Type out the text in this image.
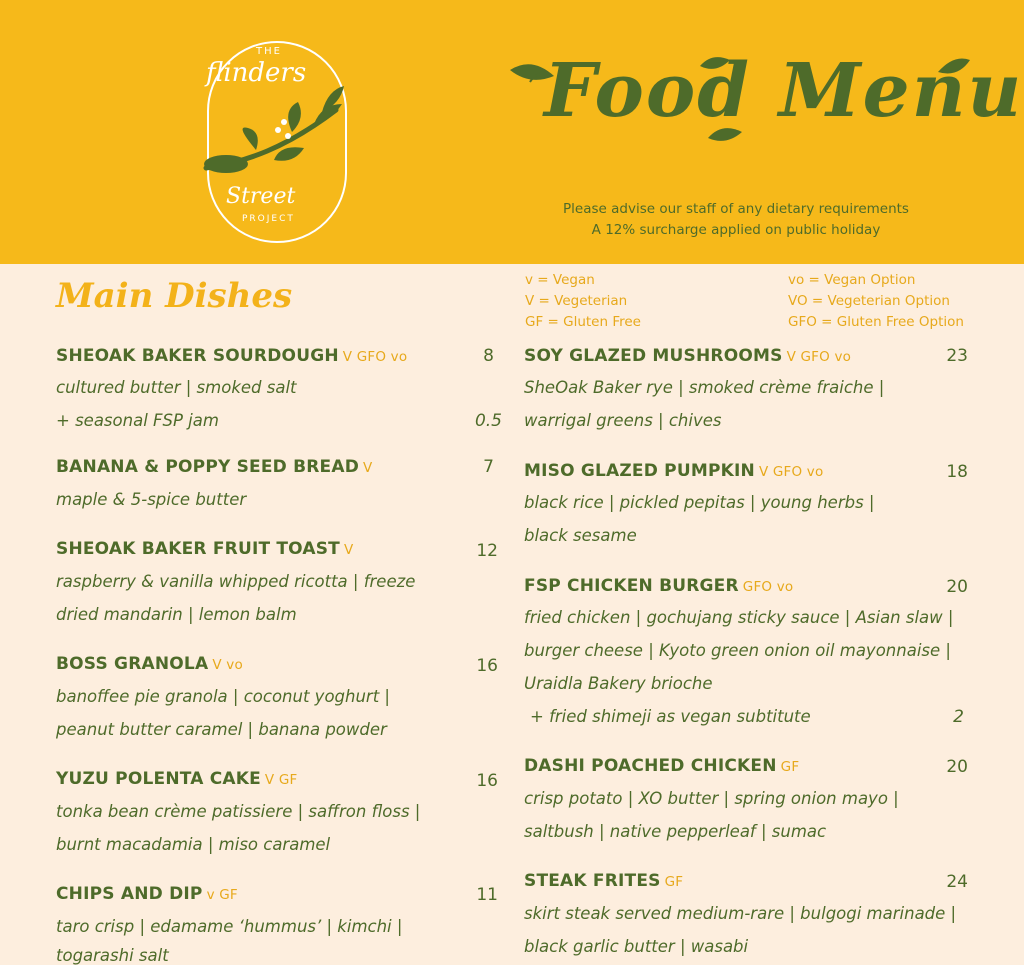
THE
flinders
Street
PROJECT
Food Menu
Please advise our staff of any dietary requirements
A 12% surcharge applied on public holiday
Main Dishes	v = Vegan
V = Vegeterian
GF = Gluten Free
vo = Vegan Option
VO = Vegeterian Option
GFO = Gluten Free Option
SHEOAK BAKER SOURDOUGH V GFO vo	8
cultured butter | smoked salt
+ seasonal FSP jam	0.5
BANANA & POPPY SEED BREAD V	7
maple & 5-spice butter
SHEOAK BAKER FRUIT TOAST V	12
raspberry & vanilla whipped ricotta | freeze
dried mandarin | lemon balm
BOSS GRANOLA V vo	16
banoffee pie granola | coconut yoghurt |
peanut butter caramel | banana powder
YUZU POLENTA CAKE V GF	16
tonka bean crème patissiere | saffron floss |
burnt macadamia | miso caramel
CHIPS AND DIP v GF	11
taro crisp | edamame ‘hummus’ | kimchi |
togarashi salt
SOY GLAZED MUSHROOMS V GFO vo	23
SheOak Baker rye | smoked crème fraiche |
warrigal greens | chives
MISO GLAZED PUMPKIN V GFO vo	18
black rice | pickled pepitas | young herbs |
black sesame
FSP CHICKEN BURGER GFO vo	20
fried chicken | gochujang sticky sauce | Asian slaw |
burger cheese | Kyoto green onion oil mayonnaise |
Uraidla Bakery brioche
+ fried shimeji as vegan subtitute	2
DASHI POACHED CHICKEN GF	20
crisp potato | XO butter | spring onion mayo |
saltbush | native pepperleaf | sumac
STEAK FRITES GF	24
skirt steak served medium-rare | bulgogi marinade |
black garlic butter | wasabi
